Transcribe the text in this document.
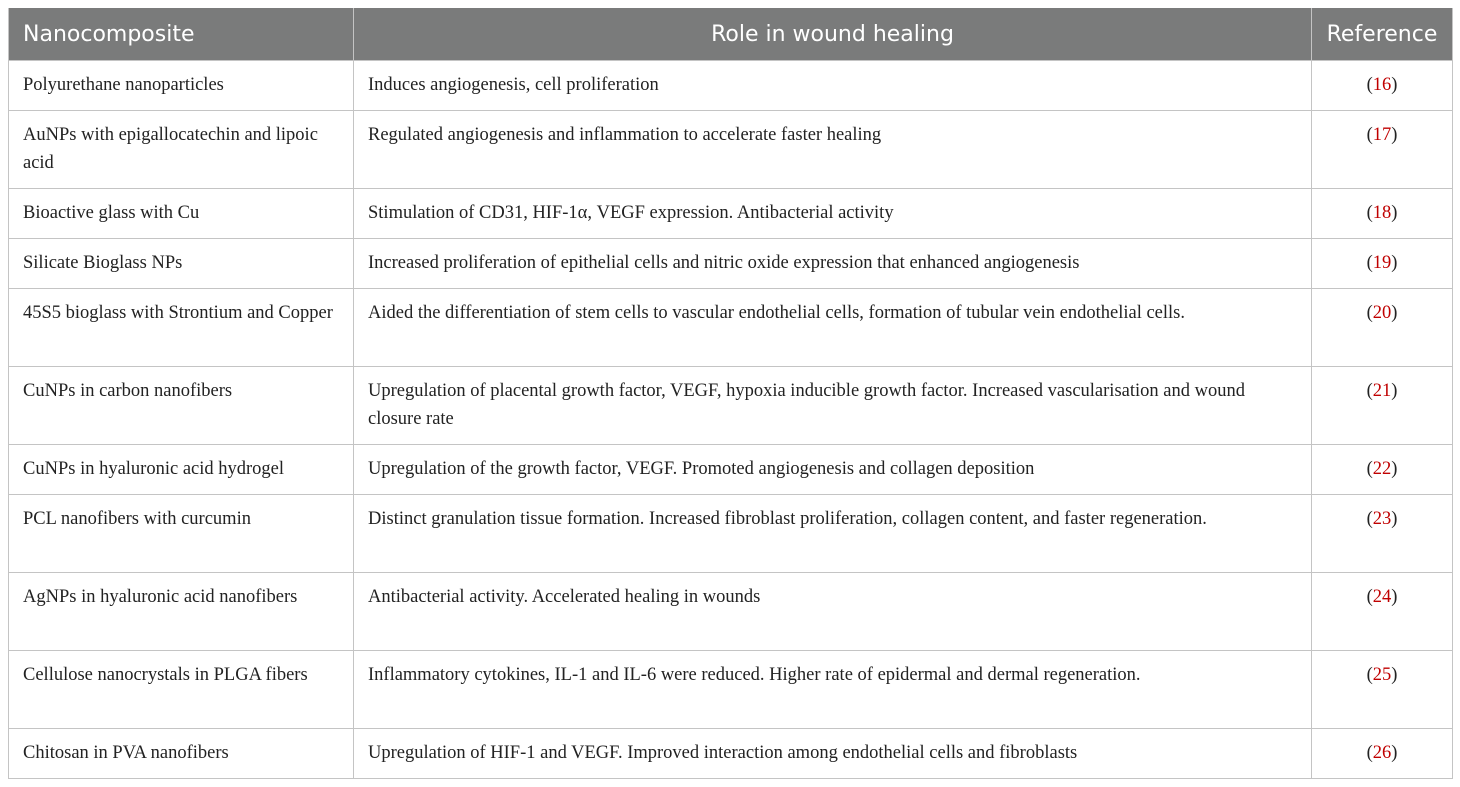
Nanocomposite	Role in wound healing	Reference
Polyurethane nanoparticles	Induces angiogenesis, cell proliferation	(16)
AuNPs with epigallocatechin and lipoic acid	Regulated angiogenesis and inflammation to accelerate faster healing	(17)
Bioactive glass with Cu	Stimulation of CD31, HIF-1α, VEGF expression. Antibacterial activity	(18)
Silicate Bioglass NPs	Increased proliferation of epithelial cells and nitric oxide expression that enhanced angiogenesis	(19)
45S5 bioglass with Strontium and Copper	Aided the differentiation of stem cells to vascular endothelial cells, formation of tubular vein endothelial cells.	(20)
CuNPs in carbon nanofibers	Upregulation of placental growth factor, VEGF, hypoxia inducible growth factor. Increased vascularisation and wound closure rate	(21)
CuNPs in hyaluronic acid hydrogel	Upregulation of the growth factor, VEGF. Promoted angiogenesis and collagen deposition	(22)
PCL nanofibers with curcumin	Distinct granulation tissue formation. Increased fibroblast proliferation, collagen content, and faster regeneration.	(23)
AgNPs in hyaluronic acid nanofibers	Antibacterial activity. Accelerated healing in wounds	(24)
Cellulose nanocrystals in PLGA fibers	Inflammatory cytokines, IL-1 and IL-6 were reduced. Higher rate of epidermal and dermal regeneration.	(25)
Chitosan in PVA nanofibers	Upregulation of HIF-1 and VEGF. Improved interaction among endothelial cells and fibroblasts	(26)
